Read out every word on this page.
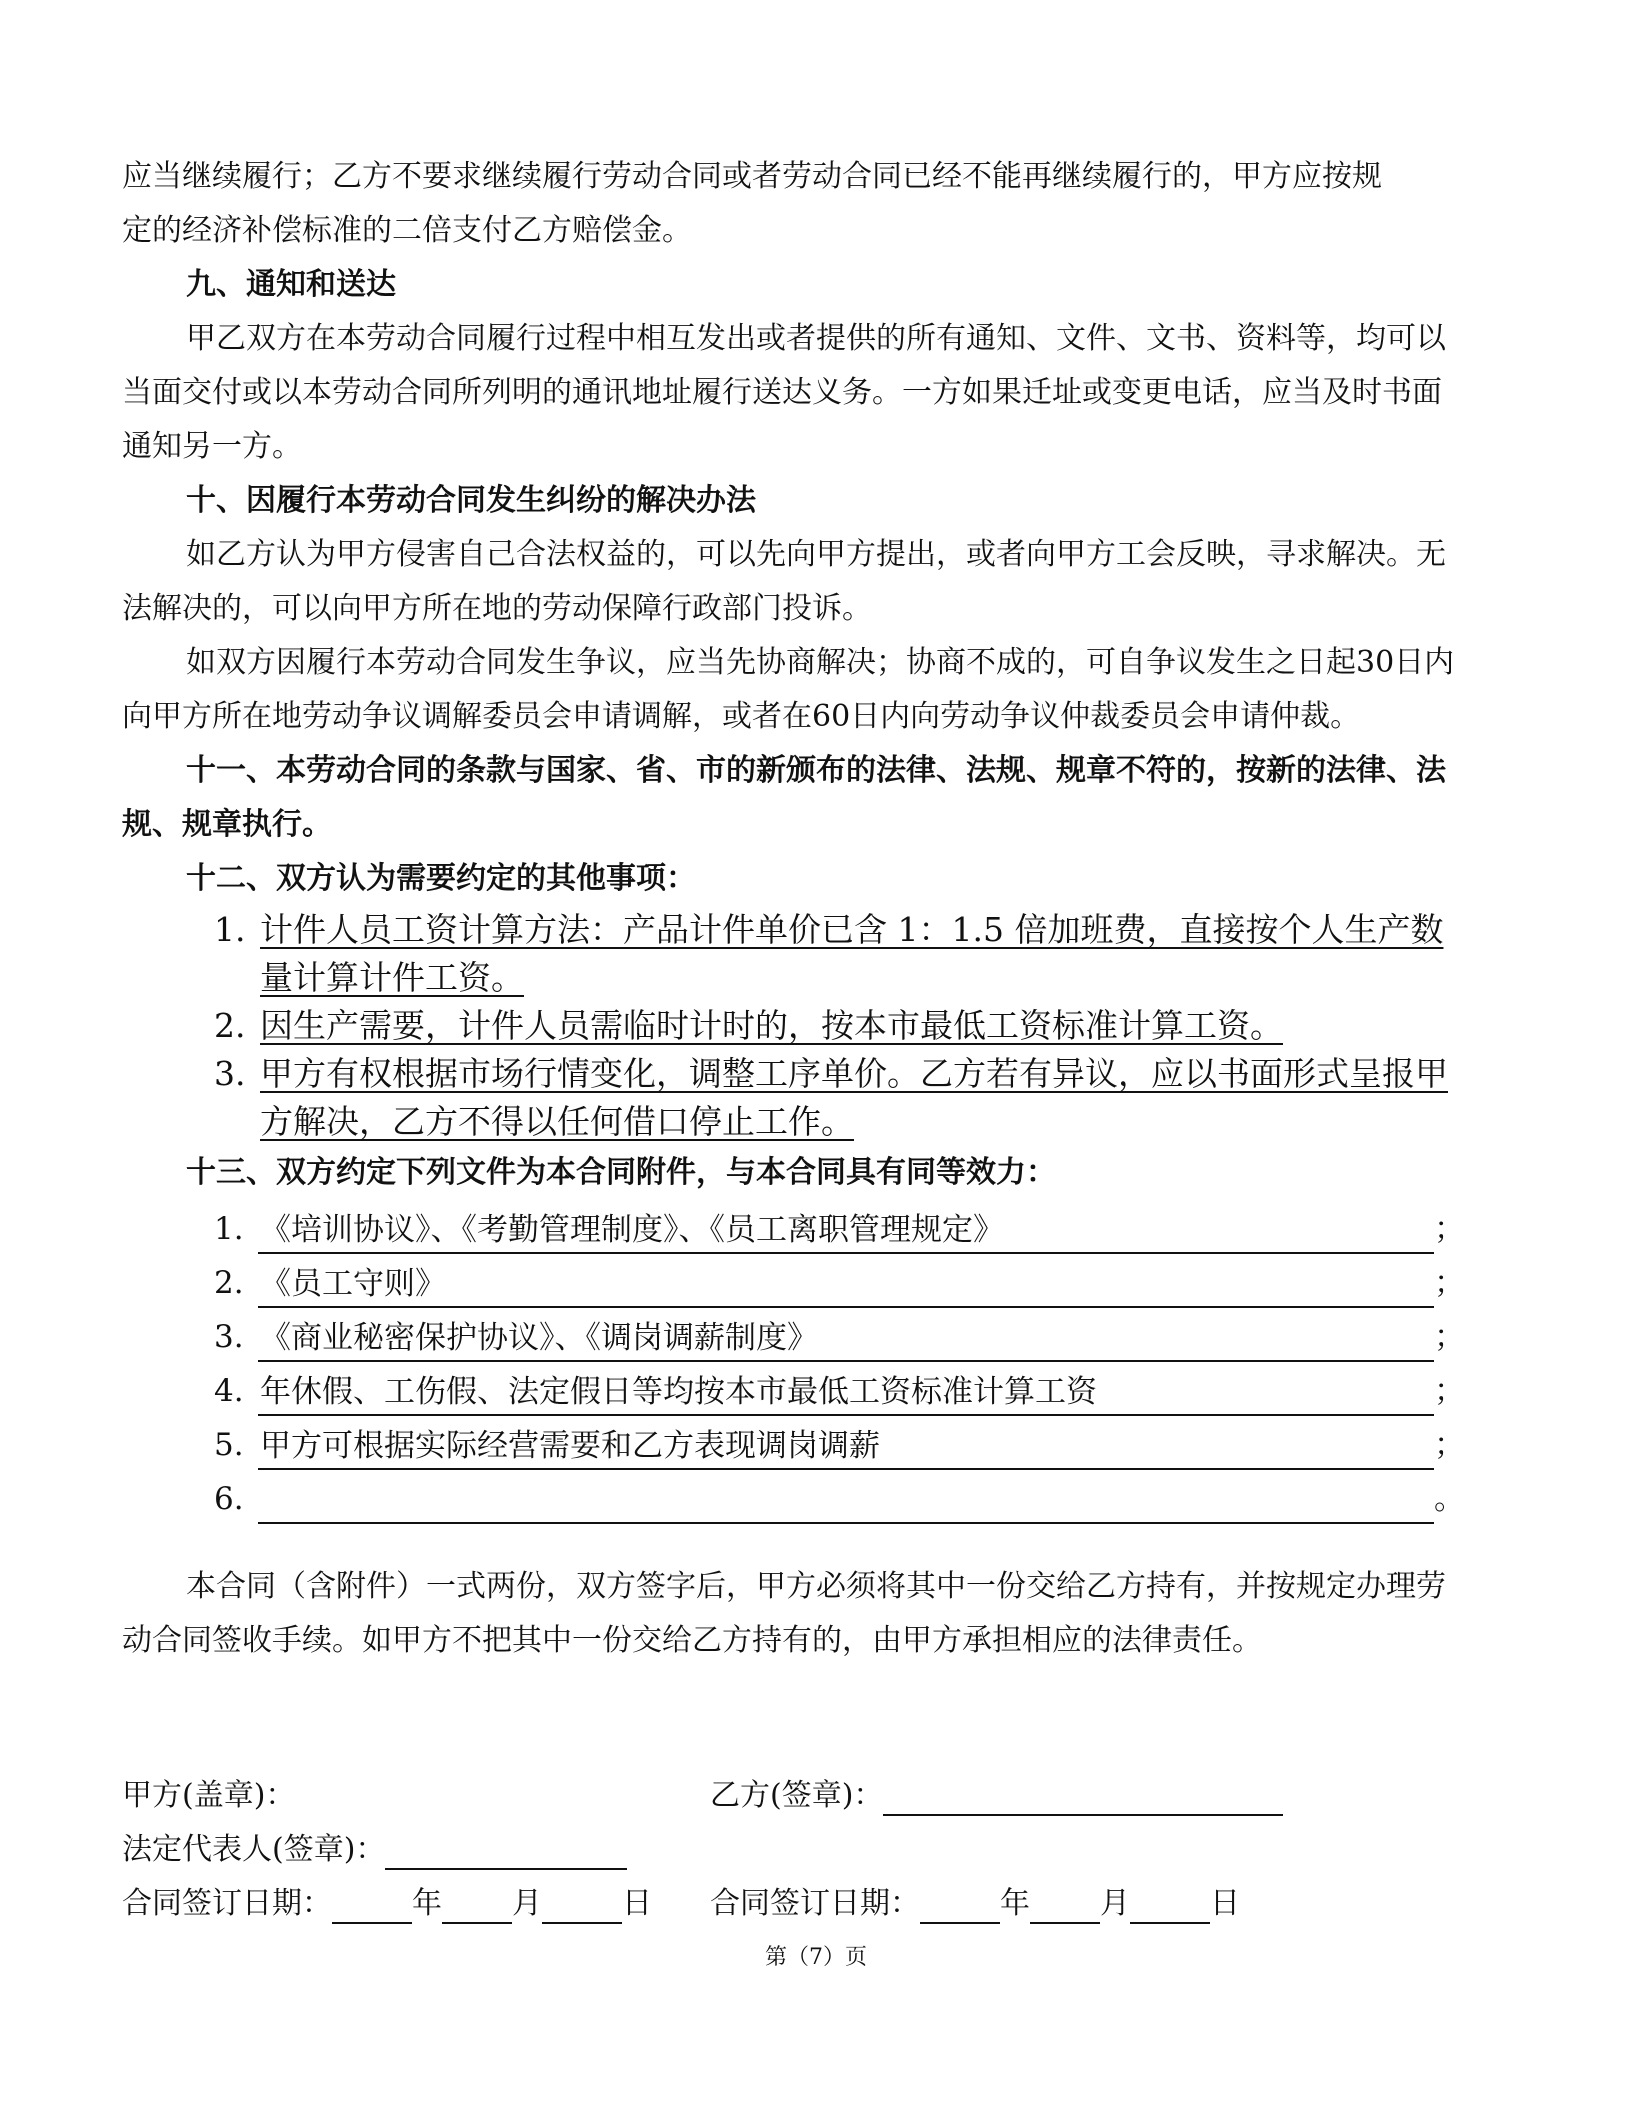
应当继续履行；乙方不要求继续履行劳动合同或者劳动合同已经不能再继续履行的，甲方应按规
定的经济补偿标准的二倍支付乙方赔偿金。
九、通知和送达
甲乙双方在本劳动合同履行过程中相互发出或者提供的所有通知、文件、文书、资料等，均可以当面交付或以本劳动合同所列明的通讯地址履行送达义务。一方如果迁址或变更电话，应当及时书面通知另一方。
十、因履行本劳动合同发生纠纷的解决办法
如乙方认为甲方侵害自己合法权益的，可以先向甲方提出，或者向甲方工会反映，寻求解决。无法解决的，可以向甲方所在地的劳动保障行政部门投诉。
如双方因履行本劳动合同发生争议，应当先协商解决；协商不成的，可自争议发生之日起30日内向甲方所在地劳动争议调解委员会申请调解，或者在60日内向劳动争议仲裁委员会申请仲裁。
十一、本劳动合同的条款与国家、省、市的新颁布的法律、法规、规章不符的，按新的法律、法规、规章执行。
十二、双方认为需要约定的其他事项：
1. 计件人员工资计算方法：产品计件单价已含 1：1.5 倍加班费，直接按个人生产数量计算计件工资。
2. 因生产需要，计件人员需临时计时的，按本市最低工资标准计算工资。
3. 甲方有权根据市场行情变化，调整工序单价。乙方若有异议，应以书面形式呈报甲方解决，乙方不得以任何借口停止工作。
十三、双方约定下列文件为本合同附件，与本合同具有同等效力：
1. 《培训协议》、《考勤管理制度》、《员工离职管理规定》	；
2. 《员工守则》	；
3. 《商业秘密保护协议》、《调岗调薪制度》	；
4. 年休假、工伤假、法定假日等均按本市最低工资标准计算工资	；
5. 甲方可根据实际经营需要和乙方表现调岗调薪	；
6.	。
本合同（含附件）一式两份，双方签字后，甲方必须将其中一份交给乙方持有，并按规定办理劳动合同签收手续。如甲方不把其中一份交给乙方持有的，由甲方承担相应的法律责任。
甲方(盖章)：	乙方(签章)：
法定代表人(签章)：
合同签订日期：	年 月	日 合同签订日期：	年 月	日
第（7）页
